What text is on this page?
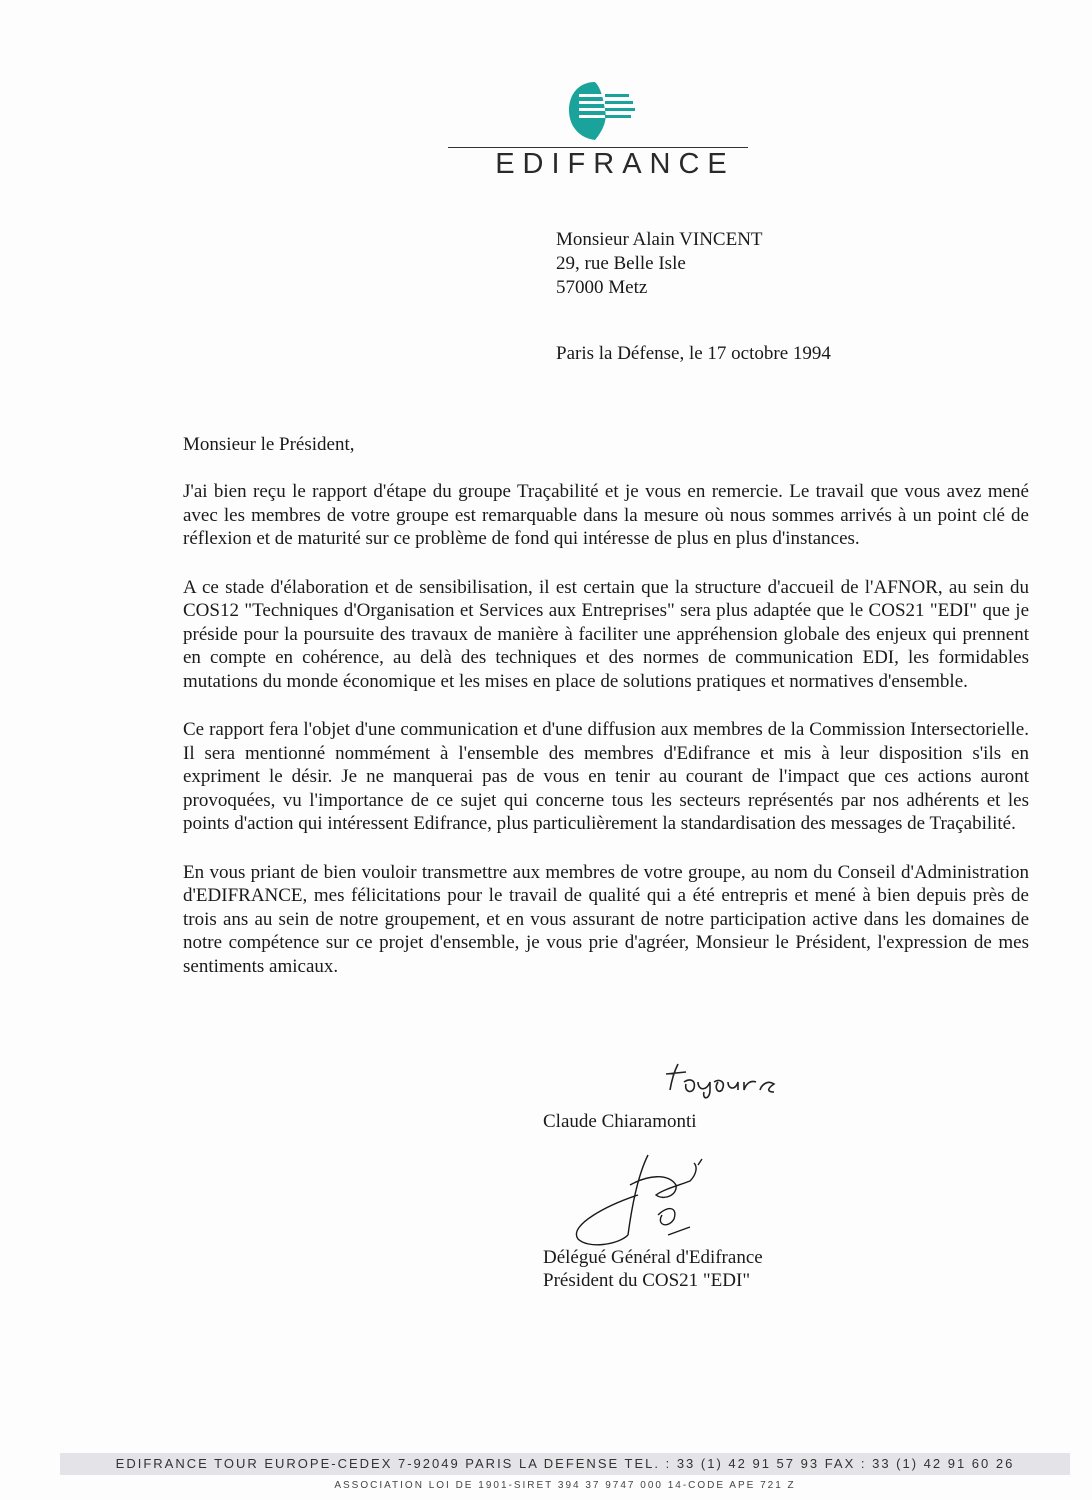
EDIFRANCE
Monsieur Alain VINCENT
29, rue Belle Isle
57000 Metz
Paris la Défense, le 17 octobre 1994
Monsieur le Président,

J'ai bien reçu le rapport d'étape du groupe Traçabilité et je vous en remercie. Le travail que vous avez mené avec les membres de votre groupe est remarquable dans la mesure où nous sommes arrivés à un point clé de réflexion et de maturité sur ce problème de fond qui intéresse de plus en plus d'instances.

A ce stade d'élaboration et de sensibilisation, il est certain que la structure d'accueil de l'AFNOR, au sein du COS12 "Techniques d'Organisation et Services aux Entreprises" sera plus adaptée que le COS21 "EDI" que je préside pour la poursuite des travaux de manière à faciliter une appréhension globale des enjeux qui prennent en compte en cohérence, au delà des techniques et des normes de communication EDI, les formidables mutations du monde économique et les mises en place de solutions pratiques et normatives d'ensemble.

Ce rapport fera l'objet d'une communication et d'une diffusion aux membres de la Commission Intersectorielle. Il sera mentionné nommément à l'ensemble des membres d'Edifrance et mis à leur disposition s'ils en expriment le désir. Je ne manquerai pas de vous en tenir au courant de l'impact que ces actions auront provoquées, vu l'importance de ce sujet qui concerne tous les secteurs représentés par nos adhérents et les points d'action qui intéressent Edifrance, plus particulièrement la standardisation des messages de Traçabilité.

En vous priant de bien vouloir transmettre aux membres de votre groupe, au nom du Conseil d'Administration d'EDIFRANCE, mes félicitations pour le travail de qualité qui a été entrepris et mené à bien depuis près de trois ans au sein de notre groupement, et en vous assurant de notre participation active dans les domaines de notre compétence sur ce projet d'ensemble, je vous prie d'agréer, Monsieur le Président, l'expression de mes sentiments amicaux.

Claude Chiaramonti
Délégué Général d'Edifrance
Président du COS21 "EDI"
EDIFRANCE TOUR EUROPE-CEDEX 7-92049 PARIS LA DEFENSE TEL. : 33 (1) 42 91 57 93 FAX : 33 (1) 42 91 60 26
ASSOCIATION LOI DE 1901-SIRET 394 37 9747 000 14-CODE APE 721 Z
